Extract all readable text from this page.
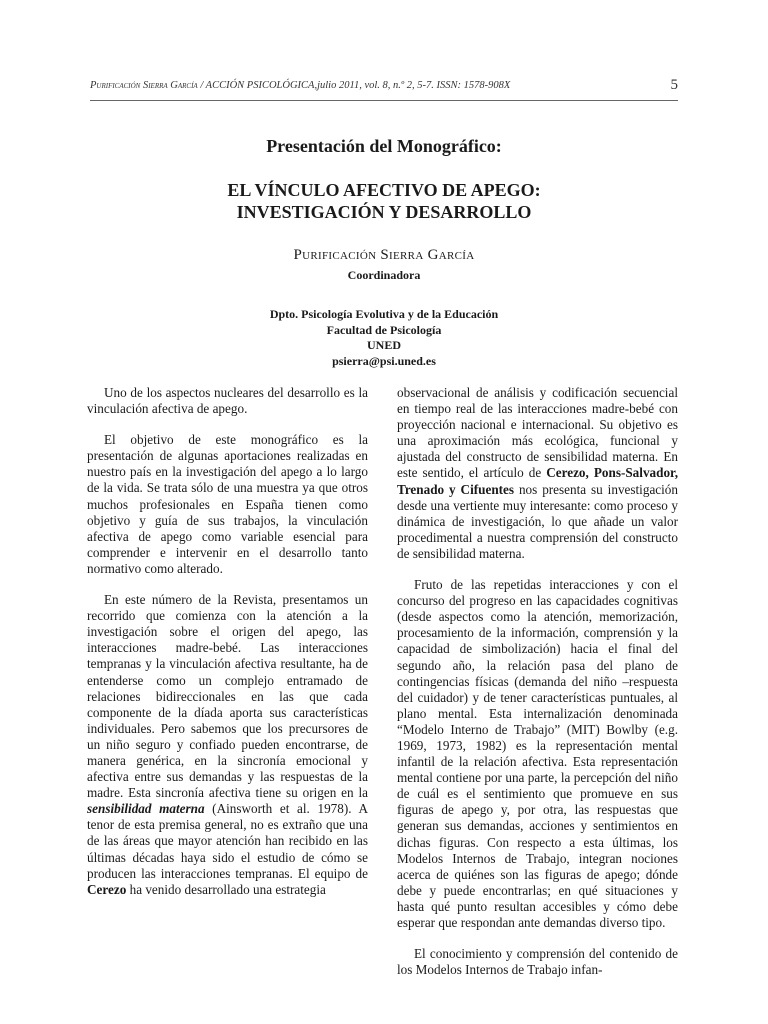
Purificación Sierra García / ACCIÓN PSICOLÓGICA,julio 2011, vol. 8, n.º 2, 5-7. ISSN: 1578-908X	5

Presentación del Monográfico:

EL VÍNCULO AFECTIVO DE APEGO:
INVESTIGACIÓN Y DESARROLLO

Purificación Sierra García

Coordinadora

Dpto. Psicología Evolutiva y de la Educación
Facultad de Psicología
UNED
psierra@psi.uned.es

Uno de los aspectos nucleares del desarrollo es la vinculación afectiva de apego.

El objetivo de este monográfico es la presentación de algunas aportaciones realizadas en nuestro país en la investigación del apego a lo largo de la vida. Se trata sólo de una muestra ya que otros muchos profesionales en España tienen como objetivo y guía de sus trabajos, la vinculación afectiva de apego como variable esencial para comprender e intervenir en el desarrollo tanto normativo como alterado.

En este número de la Revista, presentamos un recorrido que comienza con la atención a la investigación sobre el origen del apego, las interacciones madre-bebé. Las interacciones tempranas y la vinculación afectiva resultante, ha de entenderse como un complejo entramado de relaciones bidireccionales en las que cada componente de la díada aporta sus características individuales. Pero sabemos que los precursores de un niño seguro y confiado pueden encontrarse, de manera genérica, en la sincronía emocional y afectiva entre sus demandas y las respuestas de la madre. Esta sincronía afectiva tiene su origen en la sensibilidad materna (Ainsworth et al. 1978). A tenor de esta premisa general, no es extraño que una de las áreas que mayor atención han recibido en las últimas décadas haya sido el estudio de cómo se producen las interacciones tempranas. El equipo de Cerezo ha venido desarrollado una estrategia

observacional de análisis y codificación secuencial en tiempo real de las interacciones madre-bebé con proyección nacional e internacional. Su objetivo es una aproximación más ecológica, funcional y ajustada del constructo de sensibilidad materna. En este sentido, el artículo de Cerezo, Pons-Salvador, Trenado y Cifuentes nos presenta su investigación desde una vertiente muy interesante: como proceso y dinámica de investigación, lo que añade un valor procedimental a nuestra comprensión del constructo de sensibilidad materna.

Fruto de las repetidas interacciones y con el concurso del progreso en las capacidades cognitivas (desde aspectos como la atención, memorización, procesamiento de la información, comprensión y la capacidad de simbolización) hacia el final del segundo año, la relación pasa del plano de contingencias físicas (demanda del niño –respuesta del cuidador) y de tener características puntuales, al plano mental. Esta internalización denominada “Modelo Interno de Trabajo” (MIT) Bowlby (e.g. 1969, 1973, 1982) es la representación mental infantil de la relación afectiva. Esta representación mental contiene por una parte, la percepción del niño de cuál es el sentimiento que promueve en sus figuras de apego y, por otra, las respuestas que generan sus demandas, acciones y sentimientos en dichas figuras. Con respecto a esta últimas, los Modelos Internos de Trabajo, integran nociones acerca de quiénes son las figuras de apego; dónde debe y puede encontrarlas; en qué situaciones y hasta qué punto resultan accesibles y cómo debe esperar que respondan ante demandas diverso tipo.

El conocimiento y comprensión del contenido de los Modelos Internos de Trabajo infan-
